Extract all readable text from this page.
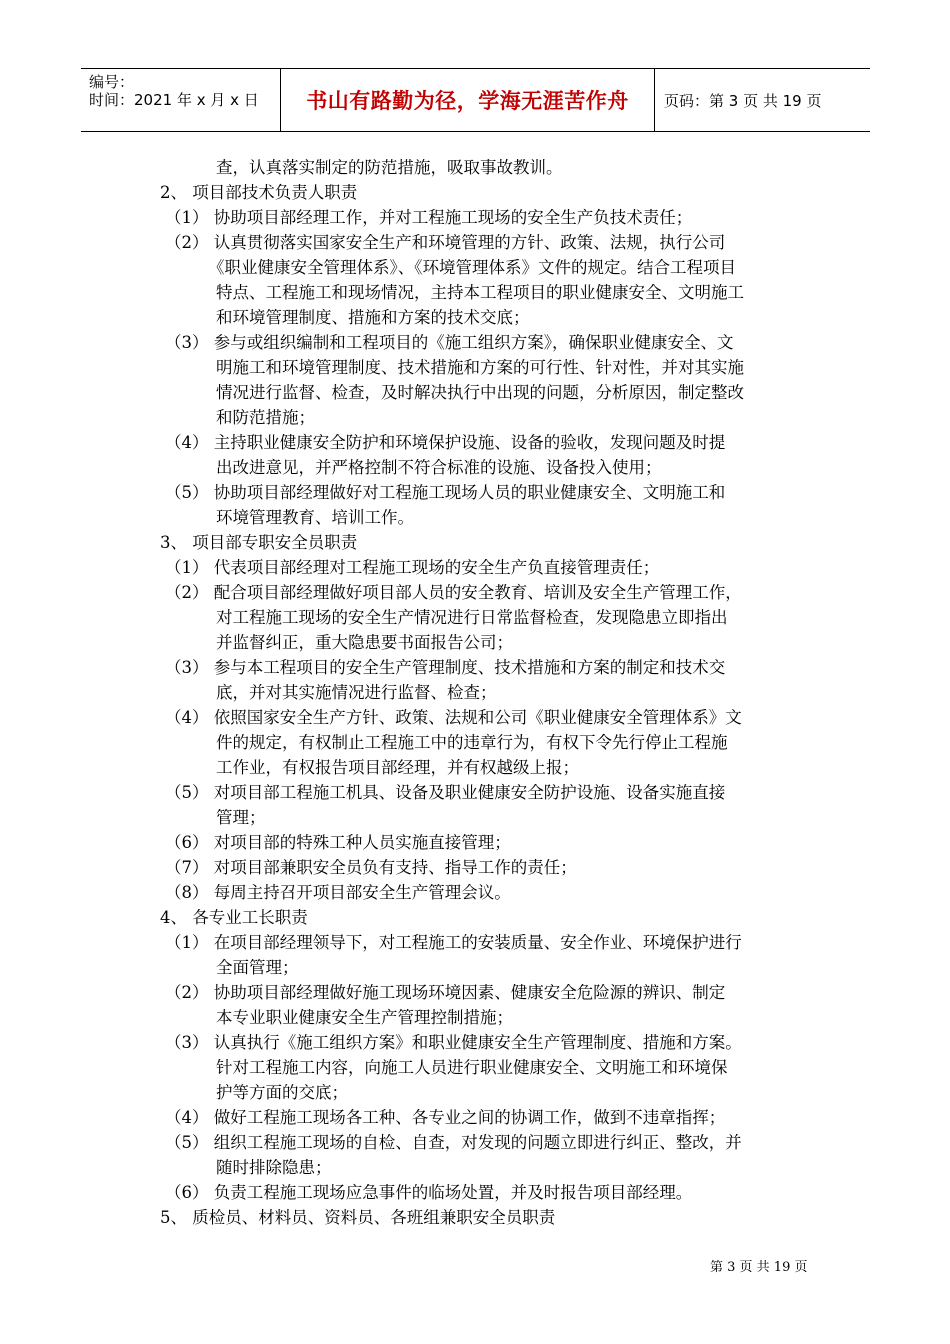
编号：
时间：2021 年 x 月 x 日	书山有路勤为径，学海无涯苦作舟	页码：第 3 页 共 19 页
查，认真落实制定的防范措施，吸取事故教训。
2、 项目部技术负责人职责
（1） 协助项目部经理工作，并对工程施工现场的安全生产负技术责任；
（2） 认真贯彻落实国家安全生产和环境管理的方针、政策、法规，执行公司
《职业健康安全管理体系》、《环境管理体系》文件的规定。结合工程项目
特点、工程施工和现场情况，主持本工程项目的职业健康安全、文明施工
和环境管理制度、措施和方案的技术交底；
（3） 参与或组织编制和工程项目的《施工组织方案》，确保职业健康安全、文
明施工和环境管理制度、技术措施和方案的可行性、针对性，并对其实施
情况进行监督、检查，及时解决执行中出现的问题，分析原因，制定整改
和防范措施；
（4） 主持职业健康安全防护和环境保护设施、设备的验收，发现问题及时提
出改进意见，并严格控制不符合标准的设施、设备投入使用；
（5） 协助项目部经理做好对工程施工现场人员的职业健康安全、文明施工和
环境管理教育、培训工作。
3、 项目部专职安全员职责
（1） 代表项目部经理对工程施工现场的安全生产负直接管理责任；
（2） 配合项目部经理做好项目部人员的安全教育、培训及安全生产管理工作，
对工程施工现场的安全生产情况进行日常监督检查，发现隐患立即指出
并监督纠正，重大隐患要书面报告公司；
（3） 参与本工程项目的安全生产管理制度、技术措施和方案的制定和技术交
底，并对其实施情况进行监督、检查；
（4） 依照国家安全生产方针、政策、法规和公司《职业健康安全管理体系》文
件的规定，有权制止工程施工中的违章行为，有权下令先行停止工程施
工作业，有权报告项目部经理，并有权越级上报；
（5） 对项目部工程施工机具、设备及职业健康安全防护设施、设备实施直接
管理；
（6） 对项目部的特殊工种人员实施直接管理；
（7） 对项目部兼职安全员负有支持、指导工作的责任；
（8） 每周主持召开项目部安全生产管理会议。
4、 各专业工长职责
（1） 在项目部经理领导下，对工程施工的安装质量、安全作业、环境保护进行
全面管理；
（2） 协助项目部经理做好施工现场环境因素、健康安全危险源的辨识、制定
本专业职业健康安全生产管理控制措施；
（3） 认真执行《施工组织方案》和职业健康安全生产管理制度、措施和方案。
针对工程施工内容，向施工人员进行职业健康安全、文明施工和环境保
护等方面的交底；
（4） 做好工程施工现场各工种、各专业之间的协调工作，做到不违章指挥；
（5） 组织工程施工现场的自检、自查，对发现的问题立即进行纠正、整改，并
随时排除隐患；
（6） 负责工程施工现场应急事件的临场处置，并及时报告项目部经理。
5、 质检员、材料员、资料员、各班组兼职安全员职责
第 3 页 共 19 页
